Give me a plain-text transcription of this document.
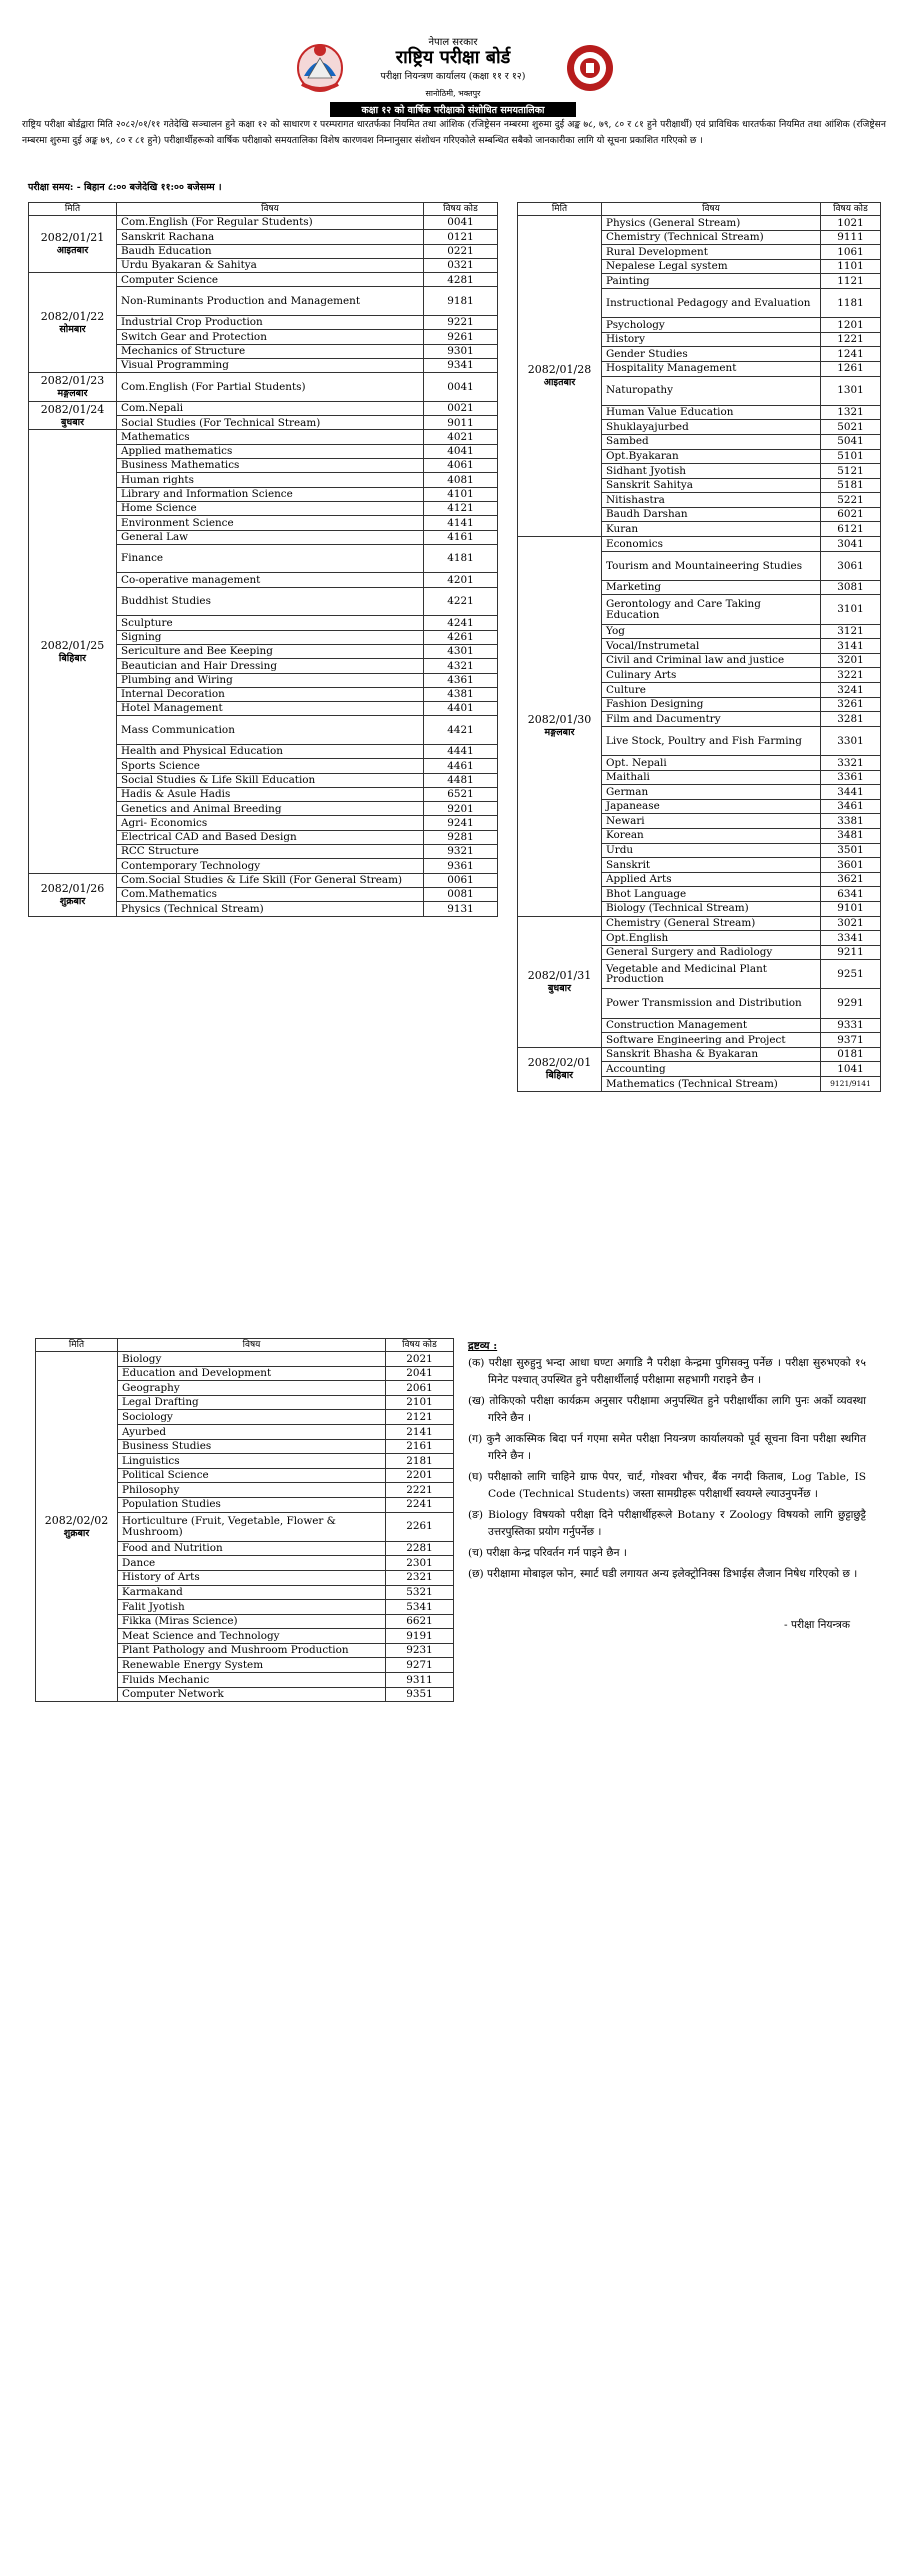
नेपाल सरकार
राष्ट्रिय परीक्षा बोर्ड
परीक्षा नियन्त्रण कार्यालय (कक्षा ११ र १२)
सानोठिमी, भक्तपुर
कक्षा १२ को वार्षिक परीक्षाको संशोधित समयतालिका
राष्ट्रिय परीक्षा बोर्डद्वारा मिति २०८२/०१/११ गतेदेखि सञ्चालन हुने कक्षा १२ को साधारण र परम्परागत धारतर्फका नियमित तथा आंशिक (रजिष्ट्रेसन नम्बरमा शुरुमा दुई अङ्क ७८, ७९, ८० र ८१ हुने परीक्षार्थी) एवं प्राविधिक धारतर्फका नियमित तथा आंशिक (रजिष्ट्रेसन नम्बरमा शुरुमा दुई अङ्क ७९, ८० र ८१ हुने) परीक्षार्थीहरूको वार्षिक परीक्षाको समयतालिका विशेष कारणवश निम्नानुसार संशोधन गरिएकोले सम्बन्धित सबैको जानकारीका लागि यो सूचना प्रकाशित गरिएको छ ।
परीक्षा समय: - बिहान ८:०० बजेदेखि ११:०० बजेसम्म ।
मिति	विषय	विषय कोड

2082/01/21
आइतबार	Com.English (For Regular Students)	0041
	Sanskrit Rachana	0121
	Baudh Education	0221
	Urdu Byakaran & Sahitya	0321

2082/01/22
सोमबार	Computer Science	4281
	Non-Ruminants Production and Management	9181
	Industrial Crop Production	9221
	Switch Gear and Protection	9261
	Mechanics of Structure	9301
	Visual Programming	9341

2082/01/23
मङ्गलबार	Com.English (For Partial Students)	0041

2082/01/24
बुधबार	Com.Nepali	0021
	Social Studies (For Technical Stream)	9011

2082/01/25
बिहिबार	Mathematics	4021
	Applied mathematics	4041
	Business Mathematics	4061
	Human rights	4081
	Library and Information Science	4101
	Home Science	4121
	Environment Science	4141
	General Law	4161
	Finance	4181
	Co-operative management	4201
	Buddhist Studies	4221
	Sculpture	4241
	Signing	4261
	Sericulture and Bee Keeping	4301
	Beautician and Hair Dressing	4321
	Plumbing and Wiring	4361
	Internal Decoration	4381
	Hotel Management	4401
	Mass Communication	4421
	Health and Physical Education	4441
	Sports Science	4461
	Social Studies & Life Skill Education	4481
	Hadis & Asule Hadis	6521
	Genetics and Animal Breeding	9201
	Agri- Economics	9241
	Electrical CAD and Based Design	9281
	RCC Structure	9321
	Contemporary Technology	9361

2082/01/26
शुक्रबार	Com.Social Studies & Life Skill (For General Stream)	0061
	Com.Mathematics	0081
	Physics (Technical Stream)	9131
मिति	विषय	विषय कोड

2082/01/28
आइतबार	Physics (General Stream)	1021
	Chemistry (Technical Stream)	9111
	Rural Development	1061
	Nepalese Legal system	1101
	Painting	1121
	Instructional Pedagogy and Evaluation	1181
	Psychology	1201
	History	1221
	Gender Studies	1241
	Hospitality Management	1261
	Naturopathy	1301
	Human Value Education	1321
	Shuklayajurbed	5021
	Sambed	5041
	Opt.Byakaran	5101
	Sidhant Jyotish	5121
	Sanskrit Sahitya	5181
	Nitishastra	5221
	Baudh Darshan	6021
	Kuran	6121

2082/01/30
मङ्गलबार	Economics	3041
	Tourism and Mountaineering Studies	3061
	Marketing	3081
	Gerontology and Care Taking Education	3101
	Yog	3121
	Vocal/Instrumetal	3141
	Civil and Criminal law and justice	3201
	Culinary Arts	3221
	Culture	3241
	Fashion Designing	3261
	Film and Dacumentry	3281
	Live Stock, Poultry and Fish Farming	3301
	Opt. Nepali	3321
	Maithali	3361
	German	3441
	Japanease	3461
	Newari	3381
	Korean	3481
	Urdu	3501
	Sanskrit	3601
	Applied Arts	3621
	Bhot Language	6341
	Biology (Technical Stream)	9101

2082/01/31
बुधबार	Chemistry (General Stream)	3021
	Opt.English	3341
	General Surgery and Radiology	9211
	Vegetable and Medicinal Plant Production	9251
	Power Transmission and Distribution	9291
	Construction Management	9331
	Software Engineering and Project	9371

2082/02/01
बिहिबार	Sanskrit Bhasha & Byakaran	0181
	Accounting	1041
	Mathematics (Technical Stream)	9121/9141
मिति	विषय	विषय कोड

2082/02/02
शुक्रबार	Biology	2021
	Education and Development	2041
	Geography	2061
	Legal Drafting	2101
	Sociology	2121
	Ayurbed	2141
	Business Studies	2161
	Linguistics	2181
	Political Science	2201
	Philosophy	2221
	Population Studies	2241
	Horticulture (Fruit, Vegetable, Flower & Mushroom)	2261
	Food and Nutrition	2281
	Dance	2301
	History of Arts	2321
	Karmakand	5321
	Falit Jyotish	5341
	Fikka (Miras Science)	6621
	Meat Science and Technology	9191
	Plant Pathology and Mushroom Production	9231
	Renewable Energy System	9271
	Fluids Mechanic	9311
	Computer Network	9351
द्रष्टव्य :

(क) परीक्षा सुरुहुनु भन्दा आधा घण्टा अगाडि नै परीक्षा केन्द्रमा पुगिसक्नु पर्नेछ । परीक्षा सुरुभएको १५ मिनेट पश्चात् उपस्थित हुने परीक्षार्थीलाई परीक्षामा सहभागी गराइने छैन ।

(ख) तोकिएको परीक्षा कार्यक्रम अनुसार परीक्षामा अनुपस्थित हुने परीक्षार्थीका लागि पुनः अर्को व्यवस्था गरिने छैन ।

(ग) कुनै आकस्मिक बिदा पर्न गएमा समेत परीक्षा नियन्त्रण कार्यालयको पूर्व सूचना विना परीक्षा स्थगित गरिने छैन ।

(घ) परीक्षाको लागि चाहिने ग्राफ पेपर, चार्ट, गोश्वरा भौचर, बैंक नगदी किताब, Log Table, IS Code (Technical Students) जस्ता सामग्रीहरू परीक्षार्थी स्वयम्ले ल्याउनुपर्नेछ ।

(ङ) Biology विषयको परीक्षा दिने परीक्षार्थीहरूले Botany र Zoology विषयको लागि छुट्टाछुट्टै उत्तरपुस्तिका प्रयोग गर्नुपर्नेछ ।

(च) परीक्षा केन्द्र परिवर्तन गर्न पाइने छैन ।

(छ) परीक्षामा मोबाइल फोन, स्मार्ट घडी लगायत अन्य इलेक्ट्रोनिक्स डिभाईस लैजान निषेध गरिएको छ ।

- परीक्षा नियन्त्रक
